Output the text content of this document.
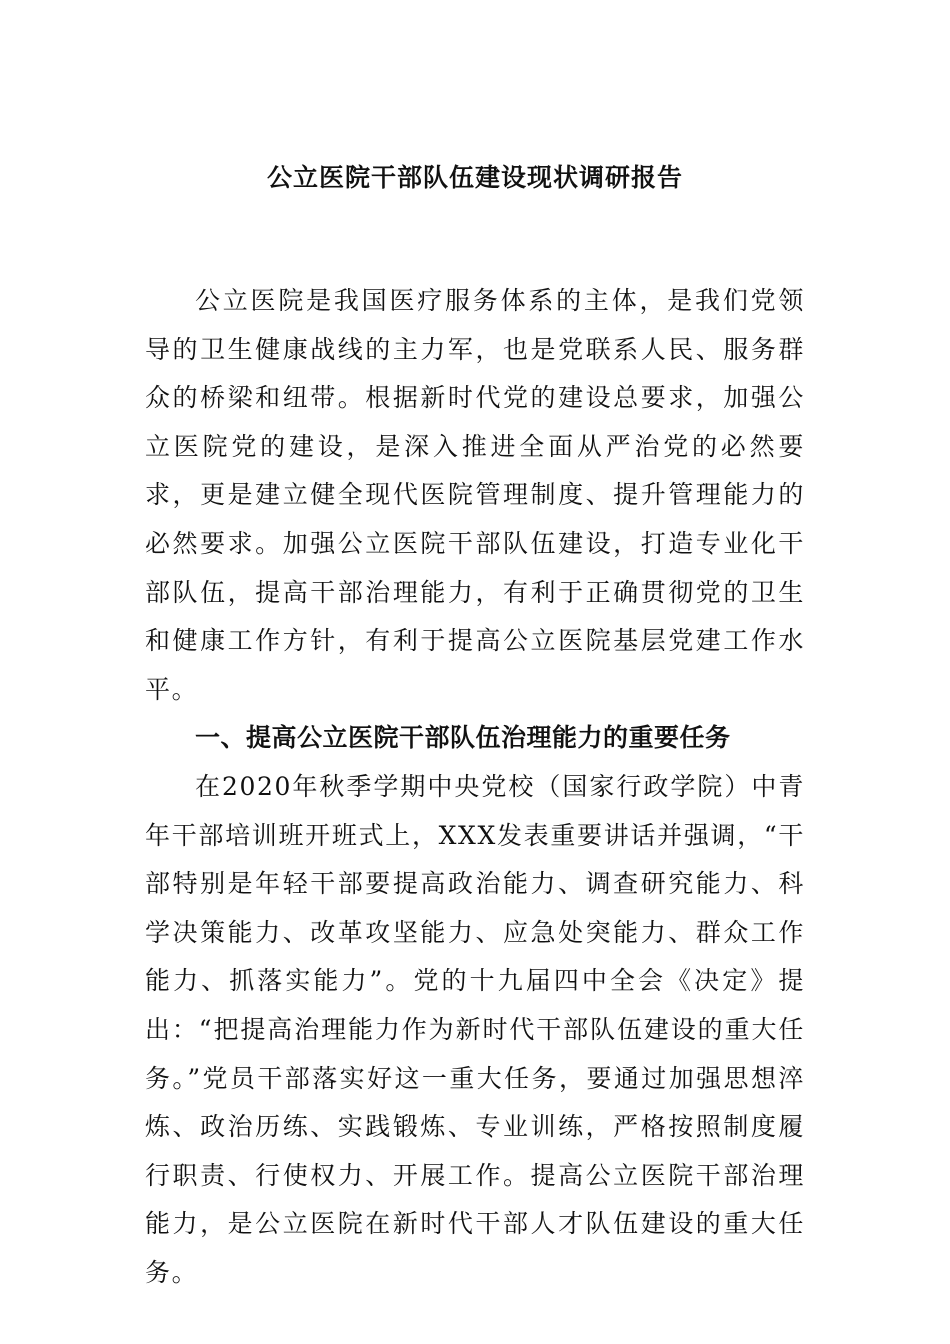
公立医院干部队伍建设现状调研报告

公立医院是我国医疗服务体系的主体，是我们党领导的卫生健康战线的主力军，也是党联系人民、服务群众的桥梁和纽带。根据新时代党的建设总要求，加强公立医院党的建设，是深入推进全面从严治党的必然要求，更是建立健全现代医院管理制度、提升管理能力的必然要求。加强公立医院干部队伍建设，打造专业化干部队伍，提高干部治理能力，有利于正确贯彻党的卫生和健康工作方针，有利于提高公立医院基层党建工作水平。

一、提高公立医院干部队伍治理能力的重要任务

在2020年秋季学期中央党校（国家行政学院）中青年干部培训班开班式上，XXX发表重要讲话并强调，“干部特别是年轻干部要提高政治能力、调查研究能力、科学决策能力、改革攻坚能力、应急处突能力、群众工作能力、抓落实能力”。党的十九届四中全会《决定》提出：“把提高治理能力作为新时代干部队伍建设的重大任务。”党员干部落实好这一重大任务，要通过加强思想淬炼、政治历练、实践锻炼、专业训练，严格按照制度履行职责、行使权力、开展工作。提高公立医院干部治理能力，是公立医院在新时代干部人才队伍建设的重大任务。
